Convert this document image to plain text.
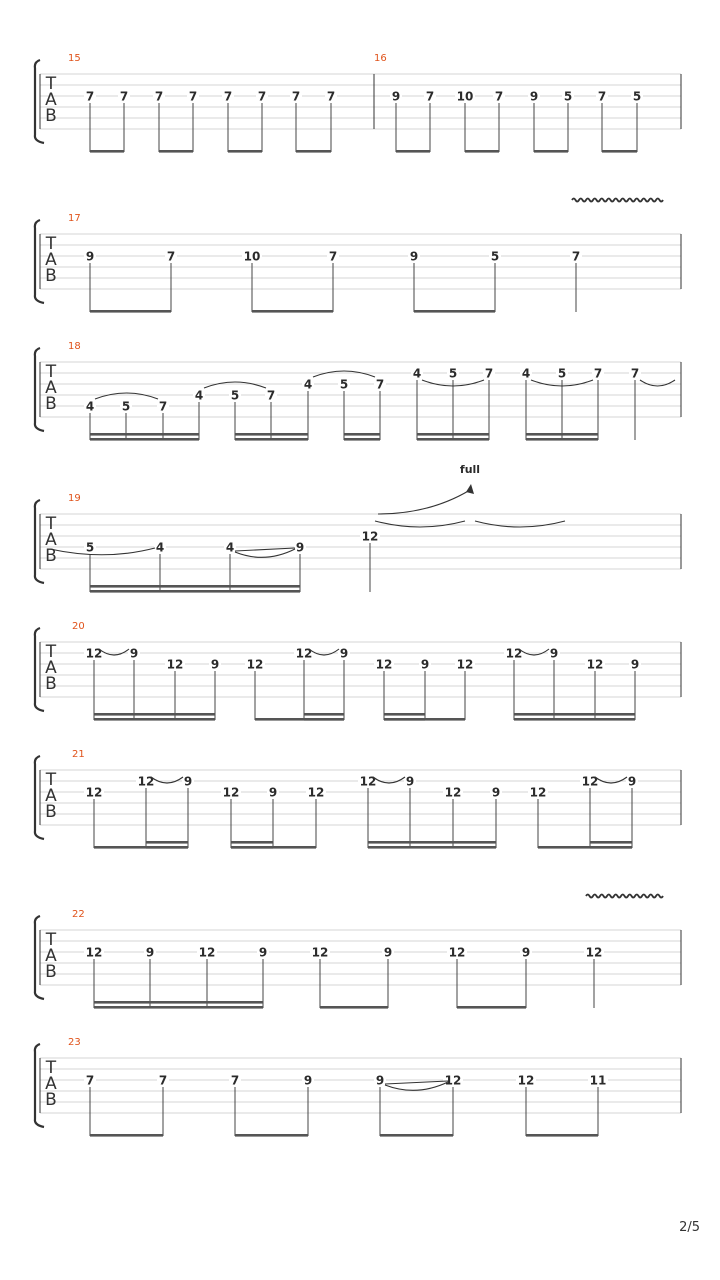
T
A
B
15
7 7 7 7 7 7 7 7
16
9 7 10 7 9 5 7 5
T
A
B
17
9	7	10	7	9	5	7
T
A
B
18
4 5 7
4 5 7
4 5 7
4 5 7 4 5 7 7
T
A
B
19
5	4	4	9
12
T
A
B
20
12 9
12 9 12
12 9
12 9 12
12 9
12 9
T
A
B
21
12
12 9
12 9	12
12 9
12	9 12
12 9
T
A
B
22
12	9	12	9	12	9	12	9	12
T
A
B
23
7	7	7	9	9	12	12	11
full
2/5
